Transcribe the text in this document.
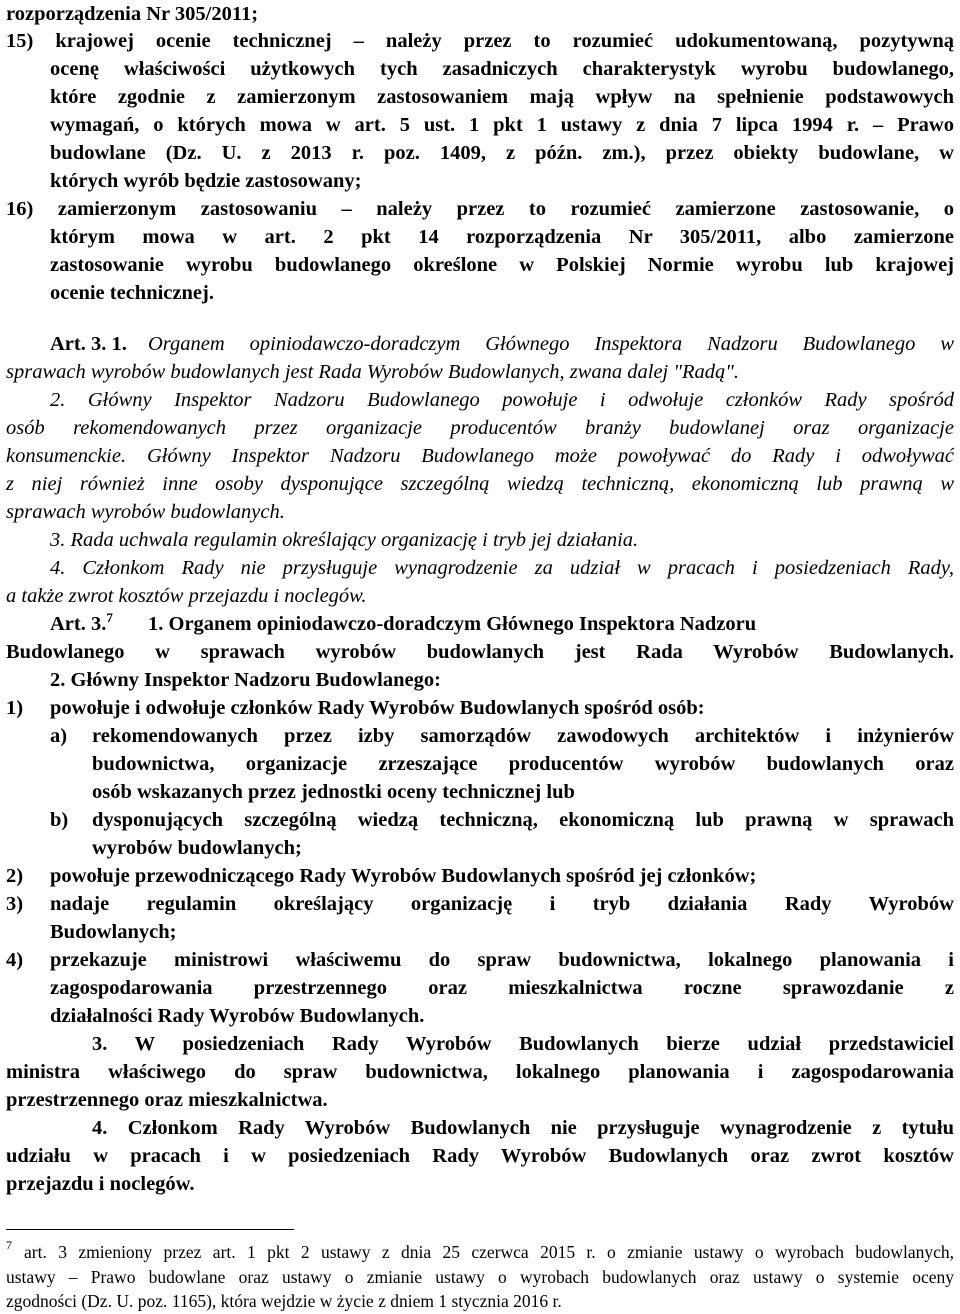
rozporządzenia Nr 305/2011;
15) krajowej ocenie technicznej – należy przez to rozumieć udokumentowaną, pozytywną
ocenę właściwości użytkowych tych zasadniczych charakterystyk wyrobu budowlanego,
które zgodnie z zamierzonym zastosowaniem mają wpływ na spełnienie podstawowych
wymagań, o których mowa w art. 5 ust. 1 pkt 1 ustawy z dnia 7 lipca 1994 r. – Prawo
budowlane (Dz. U. z 2013 r. poz. 1409, z późn. zm.), przez obiekty budowlane, w
których wyrób będzie zastosowany;
16) zamierzonym zastosowaniu – należy przez to rozumieć zamierzone zastosowanie, o
którym mowa w art. 2 pkt 14 rozporządzenia Nr 305/2011, albo zamierzone
zastosowanie wyrobu budowlanego określone w Polskiej Normie wyrobu lub krajowej
ocenie technicznej.
Art. 3. 1. Organem opiniodawczo-doradczym Głównego Inspektora Nadzoru Budowlanego w
sprawach wyrobów budowlanych jest Rada Wyrobów Budowlanych, zwana dalej "Radą".
2. Główny Inspektor Nadzoru Budowlanego powołuje i odwołuje członków Rady spośród
osób rekomendowanych przez organizacje producentów branży budowlanej oraz organizacje
konsumenckie. Główny Inspektor Nadzoru Budowlanego może powoływać do Rady i odwoływać
z niej również inne osoby dysponujące szczególną wiedzą techniczną, ekonomiczną lub prawną w
sprawach wyrobów budowlanych.
3. Rada uchwala regulamin określający organizację i tryb jej działania.
4. Członkom Rady nie przysługuje wynagrodzenie za udział w pracach i posiedzeniach Rady,
a także zwrot kosztów przejazdu i noclegów.
Art. 3.$^7$ 1. Organem opiniodawczo-doradczym Głównego Inspektora Nadzoru
Budowlanego w sprawach wyrobów budowlanych jest Rada Wyrobów Budowlanych.
2. Główny Inspektor Nadzoru Budowlanego:
1) powołuje i odwołuje członków Rady Wyrobów Budowlanych spośród osób:
a) rekomendowanych przez izby samorządów zawodowych architektów i inżynierów
budownictwa, organizacje zrzeszające producentów wyrobów budowlanych oraz
osób wskazanych przez jednostki oceny technicznej lub
b) dysponujących szczególną wiedzą techniczną, ekonomiczną lub prawną w sprawach
wyrobów budowlanych;
2) powołuje przewodniczącego Rady Wyrobów Budowlanych spośród jej członków;
3) nadaje regulamin określający organizację i tryb działania Rady Wyrobów
Budowlanych;
4) przekazuje ministrowi właściwemu do spraw budownictwa, lokalnego planowania i
zagospodarowania przestrzennego oraz mieszkalnictwa roczne sprawozdanie z
działalności Rady Wyrobów Budowlanych.
3. W posiedzeniach Rady Wyrobów Budowlanych bierze udział przedstawiciel
ministra właściwego do spraw budownictwa, lokalnego planowania i zagospodarowania
przestrzennego oraz mieszkalnictwa.
4. Członkom Rady Wyrobów Budowlanych nie przysługuje wynagrodzenie z tytułu
udziału w pracach i w posiedzeniach Rady Wyrobów Budowlanych oraz zwrot kosztów
przejazdu i noclegów.
$^7$ art. 3 zmieniony przez art. 1 pkt 2 ustawy z dnia 25 czerwca 2015 r. o zmianie ustawy o wyrobach budowlanych,
ustawy – Prawo budowlane oraz ustawy o zmianie ustawy o wyrobach budowlanych oraz ustawy o systemie oceny
zgodności (Dz. U. poz. 1165), która wejdzie w życie z dniem 1 stycznia 2016 r.
